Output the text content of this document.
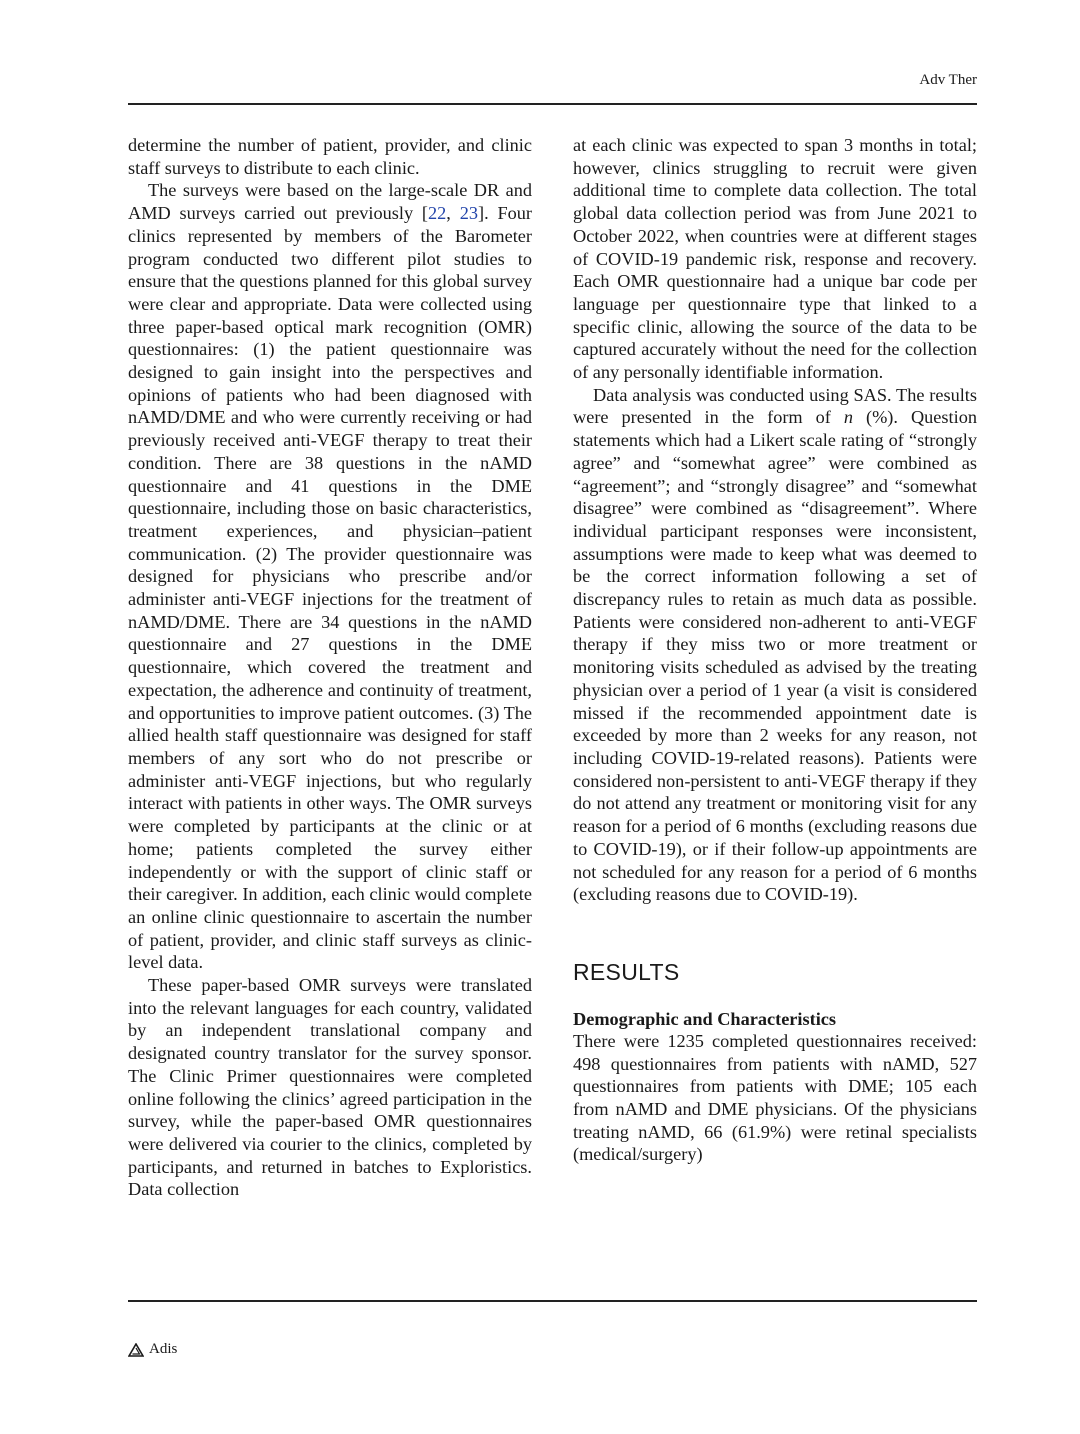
Adv Ther

determine the number of patient, provider, and clinic staff surveys to distribute to each clinic.

The surveys were based on the large-scale DR and AMD surveys carried out previously [22, 23]. Four clinics represented by members of the Barometer program conducted two different pilot studies to ensure that the questions planned for this global survey were clear and appropriate. Data were collected using three paper-based optical mark recognition (OMR) questionnaires: (1) the patient questionnaire was designed to gain insight into the perspectives and opinions of patients who had been diagnosed with nAMD/DME and who were currently receiving or had previously received anti-VEGF therapy to treat their condition. There are 38 questions in the nAMD questionnaire and 41 questions in the DME questionnaire, including those on basic characteristics, treatment experiences, and physician–patient communication. (2) The provider questionnaire was designed for physicians who prescribe and/or administer anti-VEGF injections for the treatment of nAMD/DME. There are 34 questions in the nAMD questionnaire and 27 questions in the DME questionnaire, which covered the treatment and expectation, the adherence and continuity of treatment, and opportunities to improve patient outcomes. (3) The allied health staff questionnaire was designed for staff members of any sort who do not prescribe or administer anti-VEGF injections, but who regularly interact with patients in other ways. The OMR surveys were completed by participants at the clinic or at home; patients completed the survey either independently or with the support of clinic staff or their caregiver. In addition, each clinic would complete an online clinic questionnaire to ascertain the number of patient, provider, and clinic staff surveys as clinic-level data.

These paper-based OMR surveys were translated into the relevant languages for each country, validated by an independent translational company and designated country translator for the survey sponsor. The Clinic Primer questionnaires were completed online following the clinics’ agreed participation in the survey, while the paper-based OMR questionnaires were delivered via courier to the clinics, completed by participants, and returned in batches to Exploristics. Data collection

at each clinic was expected to span 3 months in total; however, clinics struggling to recruit were given additional time to complete data collection. The total global data collection period was from June 2021 to October 2022, when countries were at different stages of COVID-19 pandemic risk, response and recovery. Each OMR questionnaire had a unique bar code per language per questionnaire type that linked to a specific clinic, allowing the source of the data to be captured accurately without the need for the collection of any personally identifiable information.

Data analysis was conducted using SAS. The results were presented in the form of n (%). Question statements which had a Likert scale rating of “strongly agree” and “somewhat agree” were combined as “agreement”; and “strongly disagree” and “somewhat disagree” were combined as “disagreement”. Where individual participant responses were inconsistent, assumptions were made to keep what was deemed to be the correct information following a set of discrepancy rules to retain as much data as possible. Patients were considered non-adherent to anti-VEGF therapy if they miss two or more treatment or monitoring visits scheduled as advised by the treating physician over a period of 1 year (a visit is considered missed if the recommended appointment date is exceeded by more than 2 weeks for any reason, not including COVID-19-related reasons). Patients were considered non-persistent to anti-VEGF therapy if they do not attend any treatment or monitoring visit for any reason for a period of 6 months (excluding reasons due to COVID-19), or if their follow-up appointments are not scheduled for any reason for a period of 6 months (excluding reasons due to COVID-19).

RESULTS
Demographic and Characteristics

There were 1235 completed questionnaires received: 498 questionnaires from patients with nAMD, 527 questionnaires from patients with DME; 105 each from nAMD and DME physicians. Of the physicians treating nAMD, 66 (61.9%) were retinal specialists (medical/surgery)

Adis
